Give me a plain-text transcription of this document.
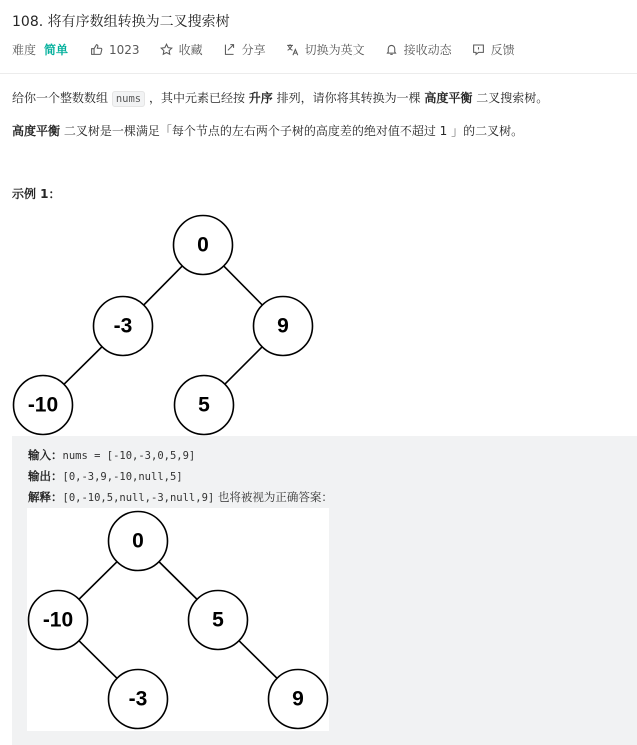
108. 将有序数组转换为二叉搜索树
难度 简单	1023	收藏	分享	切换为英文	接收动态	反馈
给你一个整数数组 nums ，其中元素已经按 升序 排列，请你将其转换为一棵 高度平衡 二叉搜索树。
高度平衡 二叉树是一棵满足「每个节点的左右两个子树的高度差的绝对值不超过 1 」的二叉树。
示例 1：
0
-3	9
-10	5
输入：nums = [-10,-3,0,5,9]
输出：[0,-3,9,-10,null,5]
解释：[0,-10,5,null,-3,null,9] 也将被视为正确答案：
0
-10	5
-3	9
